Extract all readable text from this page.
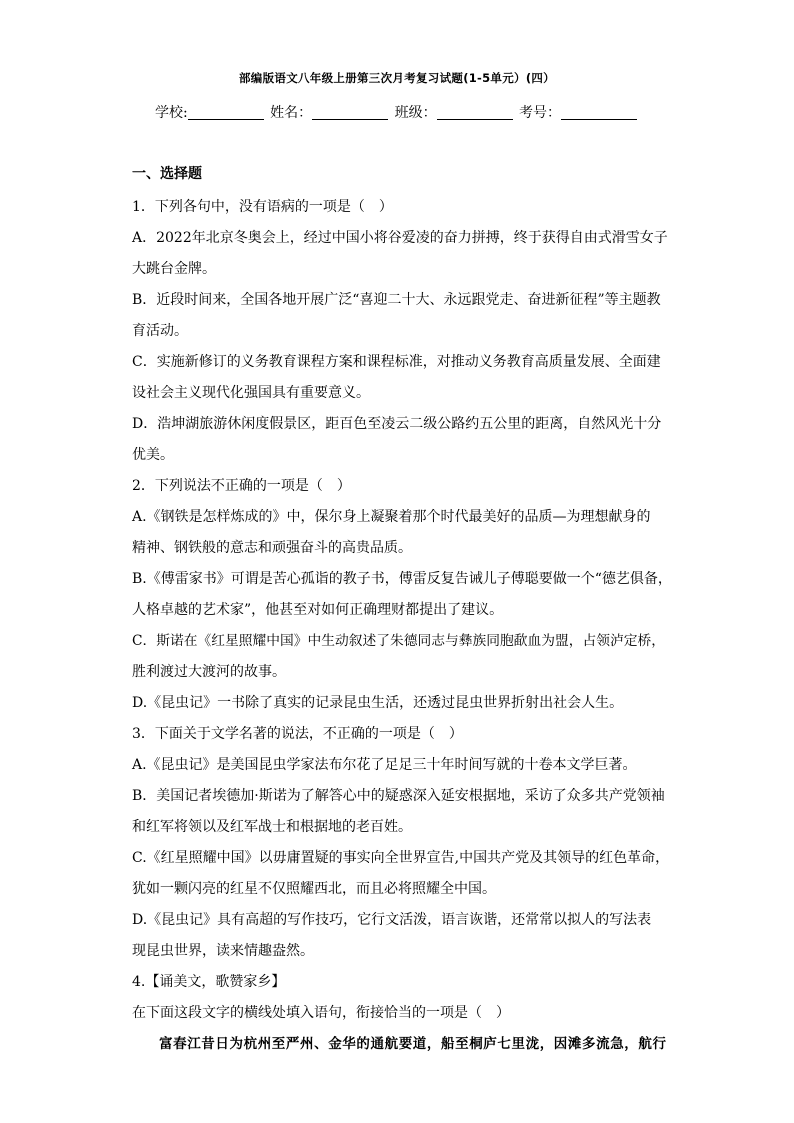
部编版语文八年级上册第三次月考复习试题(1-5单元）(四）
学校:	姓名：	班级：	考号：
一、选择题
1．下列各句中，没有语病的一项是（　）
A．2022年北京冬奥会上，经过中国小将谷爱凌的奋力拼搏，终于获得自由式滑雪女子
大跳台金牌。
B．近段时间来，全国各地开展广泛“喜迎二十大、永远跟党走、奋进新征程”等主题教
育活动。
C．实施新修订的义务教育课程方案和课程标准，对推动义务教育高质量发展、全面建
设社会主义现代化强国具有重要意义。
D．浩坤湖旅游休闲度假景区，距百色至凌云二级公路约五公里的距离，自然风光十分
优美。
2．下列说法不正确的一项是（　）
A.《钢铁是怎样炼成的》中，保尔身上凝聚着那个时代最美好的品质—为理想献身的
精神、钢铁般的意志和顽强奋斗的高贵品质。
B.《傅雷家书》可谓是苦心孤诣的教子书，傅雷反复告诫儿子傅聪要做一个“德艺俱备，
人格卓越的艺术家”，他甚至对如何正确理财都提出了建议。
C．斯诺在《红星照耀中国》中生动叙述了朱德同志与彝族同胞歃血为盟，占领泸定桥，
胜利渡过大渡河的故事。
D.《昆虫记》一书除了真实的记录昆虫生活，还透过昆虫世界折射出社会人生。
3．下面关于文学名著的说法，不正确的一项是（　）
A.《昆虫记》是美国昆虫学家法布尔花了足足三十年时间写就的十卷本文学巨著。
B．美国记者埃德加·斯诺为了解答心中的疑惑深入延安根据地，采访了众多共产党领袖
和红军将领以及红军战士和根据地的老百姓。
C.《红星照耀中国》以毋庸置疑的事实向全世界宣告,中国共产党及其领导的红色革命，
犹如一颗闪亮的红星不仅照耀西北，而且必将照耀全中国。
D.《昆虫记》具有高超的写作技巧，它行文活泼，语言诙谐，还常常以拟人的写法表
现昆虫世界，读来情趣盎然。
4.【诵美文，歌赞家乡】
在下面这段文字的横线处填入语句，衔接恰当的一项是（　）
富春江昔日为杭州至严州、金华的通航要道，船至桐庐七里泷，因滩多流急，航行
